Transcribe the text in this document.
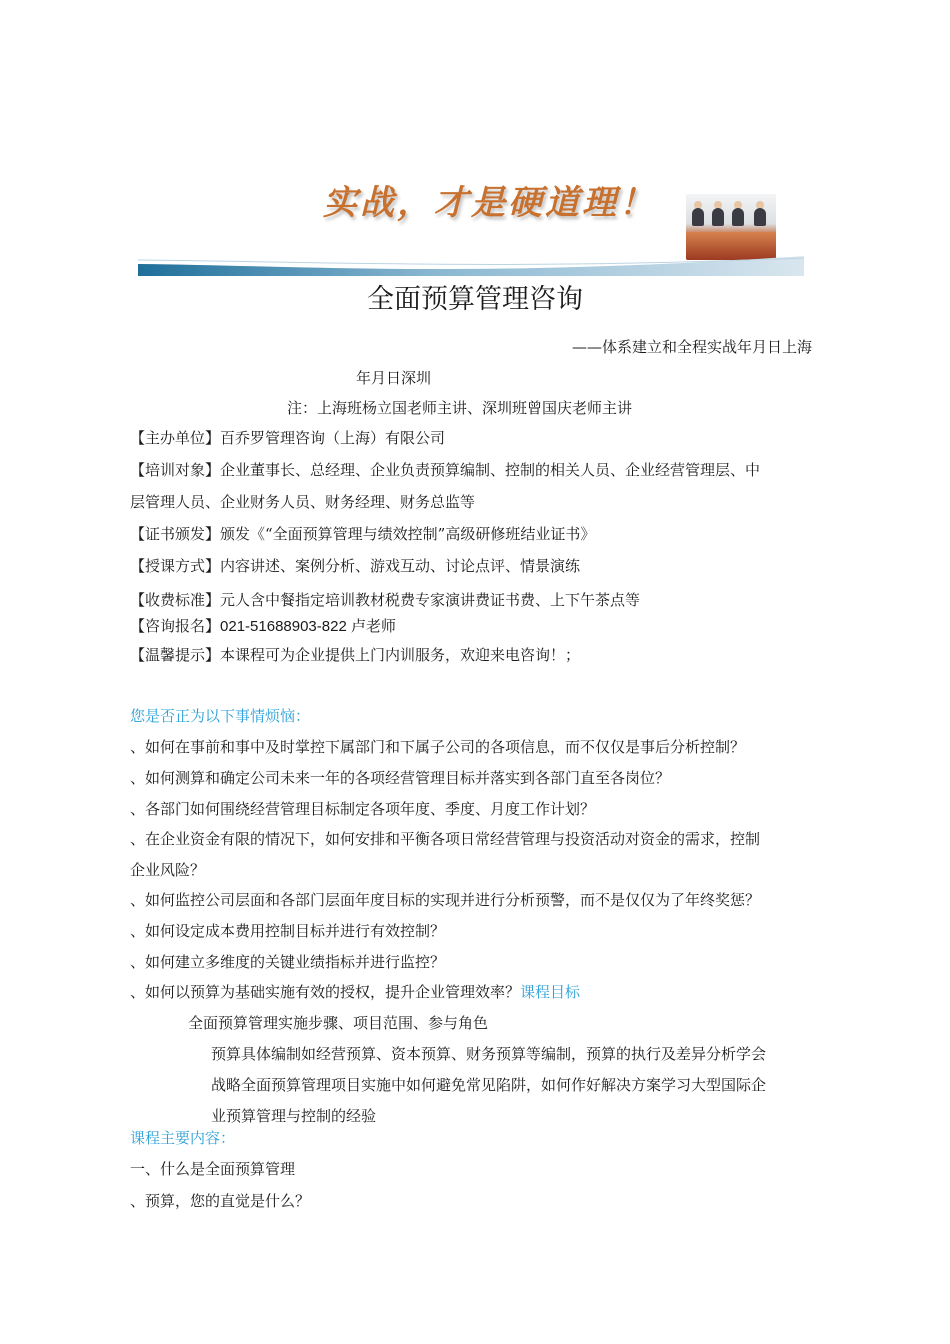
实战，才是硬道理！
全面预算管理咨询
——体系建立和全程实战年月日上海
年月日深圳
注：上海班杨立国老师主讲、深圳班曾国庆老师主讲
【主办单位】百乔罗管理咨询（上海）有限公司
【培训对象】企业董事长、总经理、企业负责预算编制、控制的相关人员、企业经营管理层、中
层管理人员、企业财务人员、财务经理、财务总监等
【证书颁发】颁发《“全面预算管理与绩效控制”高级研修班结业证书》
【授课方式】内容讲述、案例分析、游戏互动、讨论点评、情景演练
【收费标准】元人含中餐指定培训教材税费专家演讲费证书费、上下午茶点等
【咨询报名】021-51688903-822 卢老师
【温馨提示】本课程可为企业提供上门内训服务，欢迎来电咨询！；
您是否正为以下事情烦恼：
、如何在事前和事中及时掌控下属部门和下属子公司的各项信息，而不仅仅是事后分析控制？
、如何测算和确定公司未来一年的各项经营管理目标并落实到各部门直至各岗位？
、各部门如何围绕经营管理目标制定各项年度、季度、月度工作计划？
、在企业资金有限的情况下，如何安排和平衡各项日常经营管理与投资活动对资金的需求，控制
企业风险？
、如何监控公司层面和各部门层面年度目标的实现并进行分析预警，而不是仅仅为了年终奖惩？
、如何设定成本费用控制目标并进行有效控制？
、如何建立多维度的关键业绩指标并进行监控？
、如何以预算为基础实施有效的授权，提升企业管理效率？课程目标
全面预算管理实施步骤、项目范围、参与角色
预算具体编制如经营预算、资本预算、财务预算等编制，预算的执行及差异分析学会
战略全面预算管理项目实施中如何避免常见陷阱，如何作好解决方案学习大型国际企
业预算管理与控制的经验
课程主要内容：
一、什么是全面预算管理
、预算，您的直觉是什么？
